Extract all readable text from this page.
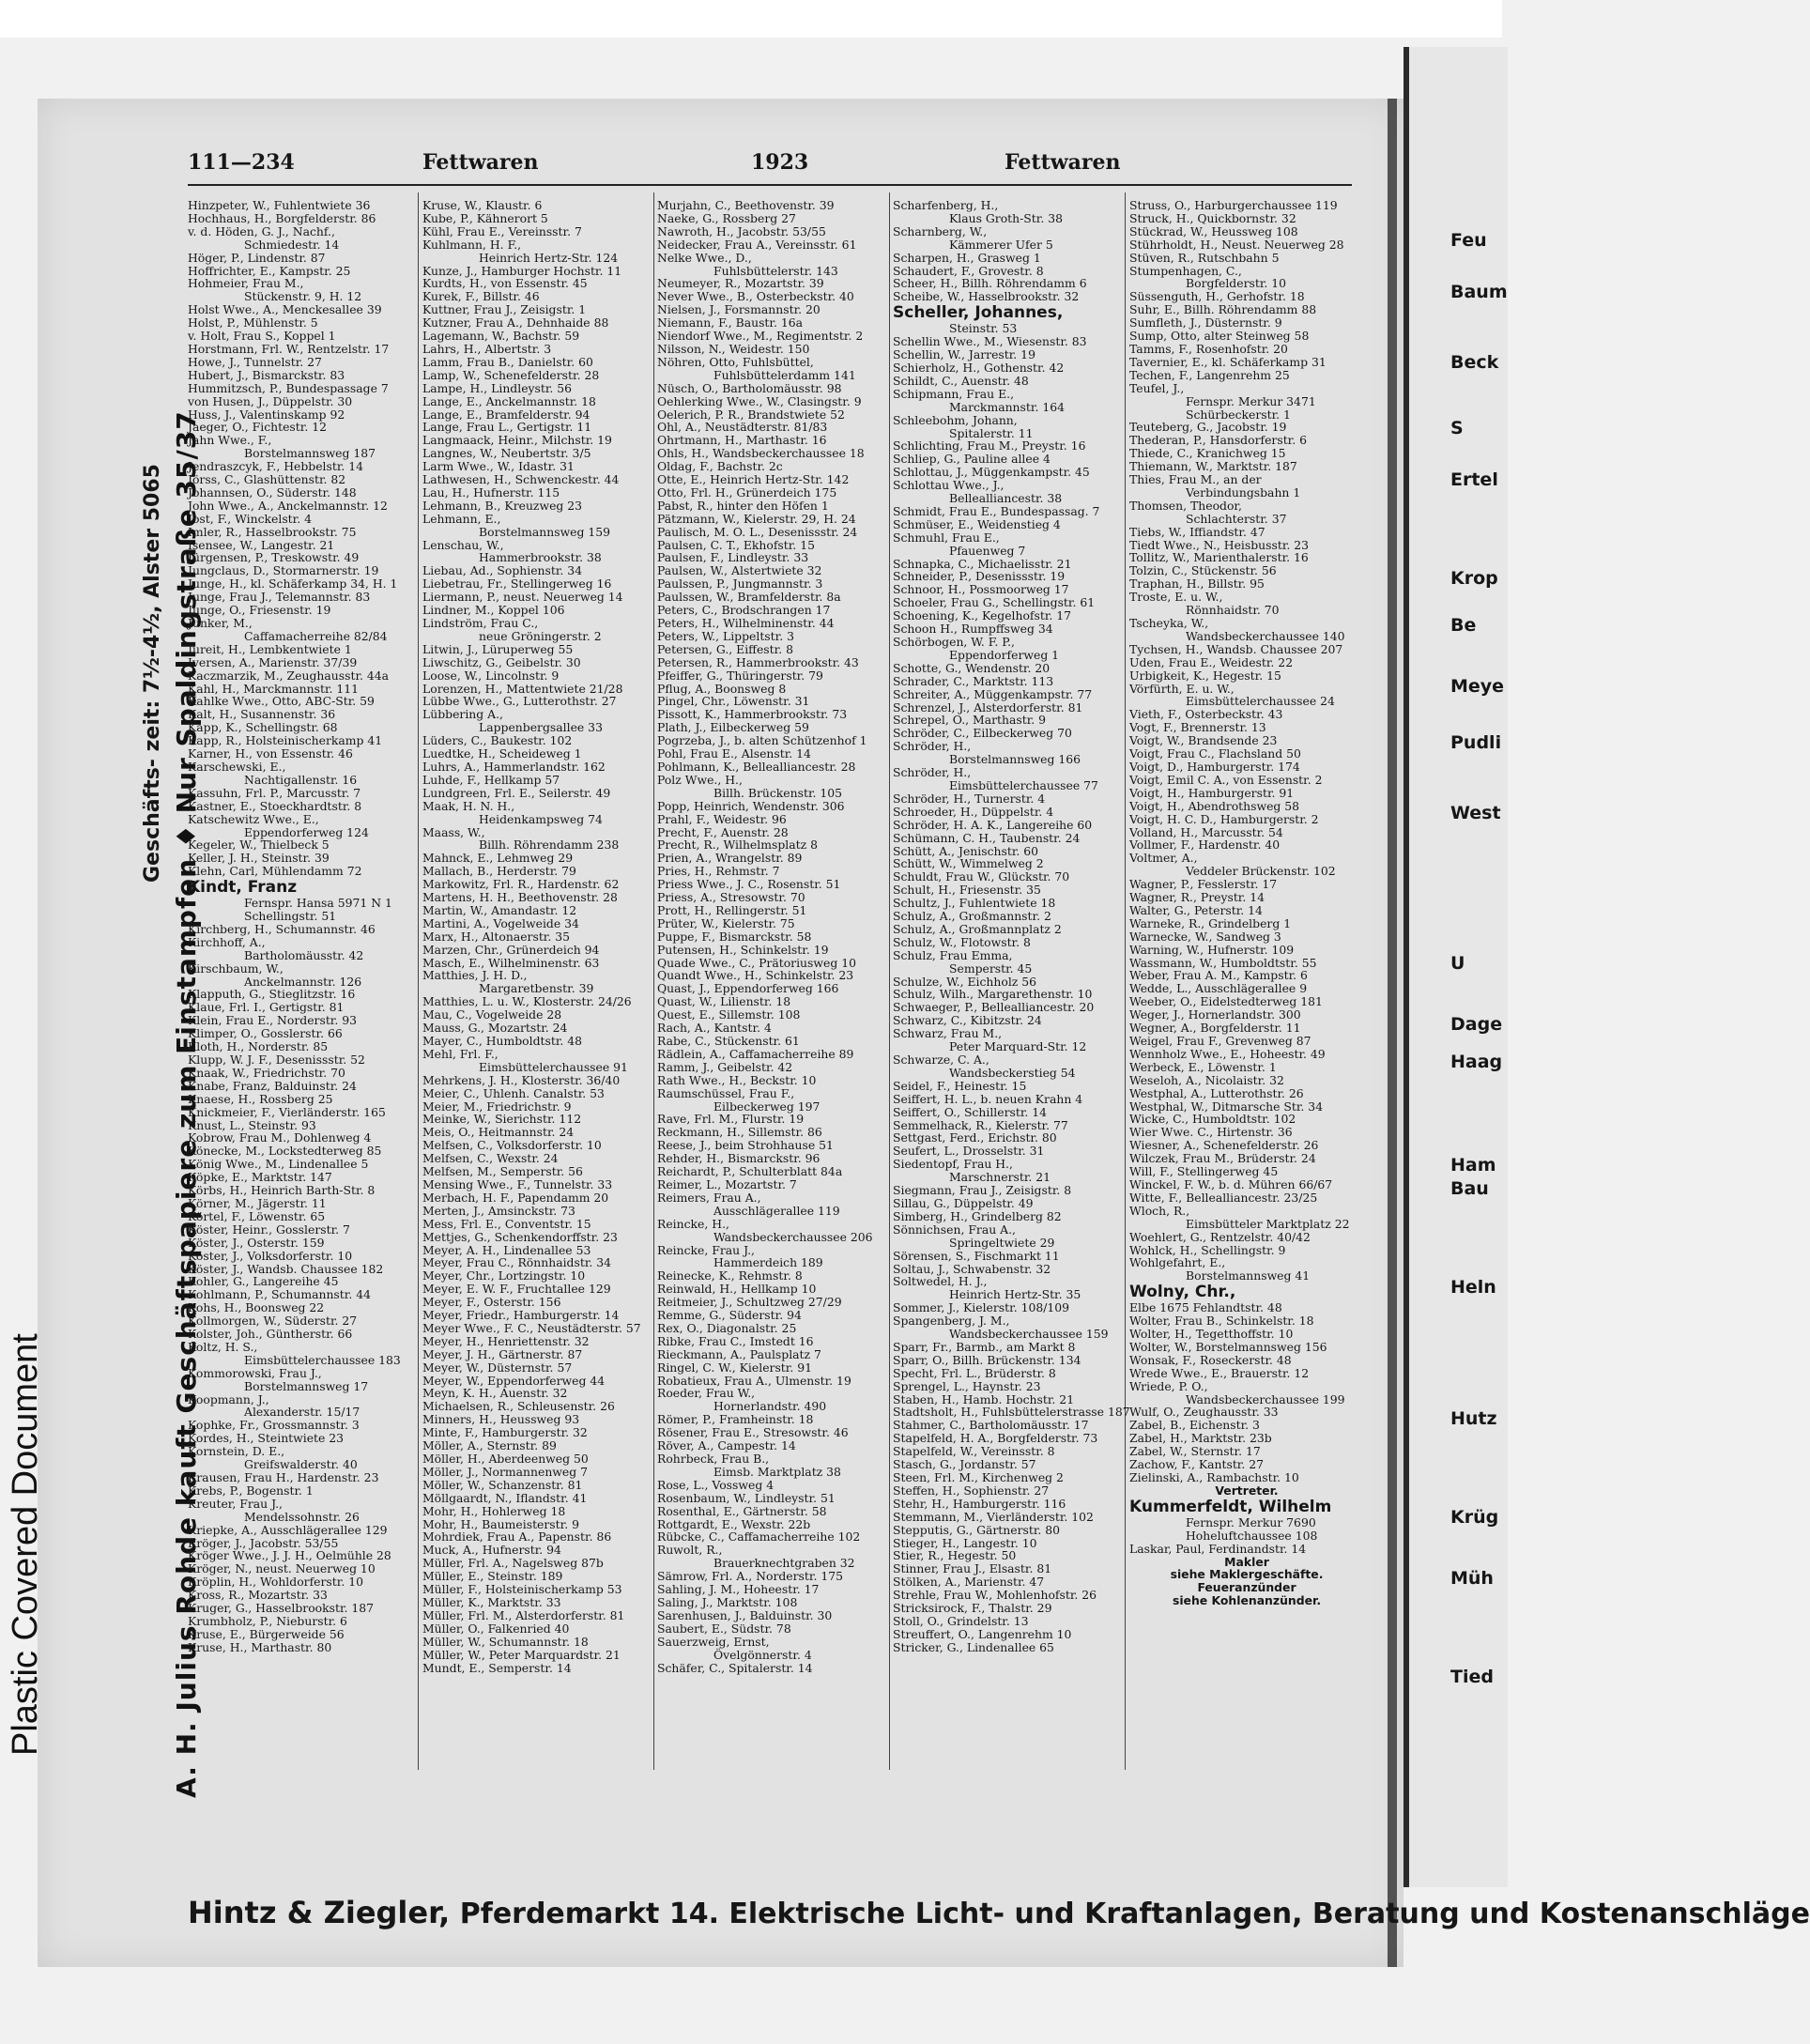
Plastic Covered Document
111—234	Fettwaren	1923	Fettwaren
A. H. Julius Rohde kauft Geschäftspapiere zum Einstampfen ♦ Nur Spaldingstraße 35/37
Geschäfts- zeit: 7½-4½, Alster 5065
Hinzpeter, W., Fuhlentwiete 36
Hochhaus, H., Borgfelderstr. 86
v. d. Höden, G. J., Nachf.,
Schmiedestr. 14
Höger, P., Lindenstr. 87
Hoffrichter, E., Kampstr. 25
Hohmeier, Frau M.,
Stückenstr. 9, H. 12
Holst Wwe., A., Menckesallee 39
Holst, P., Mühlenstr. 5
v. Holt, Frau S., Koppel 1
Horstmann, Frl. W., Rentzelstr. 17
Howe, J., Tunnelstr. 27
Hubert, J., Bismarckstr. 83
Hummitzsch, P., Bundespassage 7
von Husen, J., Düppelstr. 30
Huss, J., Valentinskamp 92
Jaeger, O., Fichtestr. 12
Jahn Wwe., F.,
Borstelmannsweg 187
Jendraszcyk, F., Hebbelstr. 14
Jörss, C., Glashüttenstr. 82
Johannsen, O., Süderstr. 148
John Wwe., A., Anckelmannstr. 12
Jost, F., Winckelstr. 4
Imler, R., Hasselbrookstr. 75
Isensee, W., Langestr. 21
Jürgensen, P., Treskowstr. 49
Jungclaus, D., Stormarnerstr. 19
Junge, H., kl. Schäferkamp 34, H. 1
Junge, Frau J., Telemannstr. 83
Junge, O., Friesenstr. 19
Junker, M.,
Caffamacherreihe 82/84
Jureit, H., Lembkentwiete 1
Iversen, A., Marienstr. 37/39
Kaczmarzik, M., Zeughausstr. 44a
Kahl, H., Marckmannstr. 111
Kahlke Wwe., Otto, ABC-Str. 59
Kalt, H., Susannenstr. 36
Kapp, K., Schellingstr. 68
Kapp, R., Holsteinischerkamp 41
Karner, H., von Essenstr. 46
Karschewski, E.,
Nachtigallenstr. 16
Kassuhn, Frl. P., Marcusstr. 7
Kastner, E., Stoeckhardtstr. 8
Katschewitz Wwe., E.,
Eppendorferweg 124
Kegeler, W., Thielbeck 5
Keller, J. H., Steinstr. 39
Klehn, Carl, Mühlendamm 72
Kindt, Franz
Fernspr. Hansa 5971 N 1
Schellingstr. 51
Kirchberg, H., Schumannstr. 46
Kirchhoff, A.,
Bartholomäusstr. 42
Kirschbaum, W.,
Anckelmannstr. 126
Klapputh, G., Stieglitzstr. 16
Klaue, Frl. I., Gertigstr. 81
Klein, Frau E., Norderstr. 93
Klimper, O., Gosslerstr. 66
Kloth, H., Norderstr. 85
Klupp, W. J. F., Desenissstr. 52
Knaak, W., Friedrichstr. 70
Knabe, Franz, Balduinstr. 24
Knaese, H., Rossberg 25
Knickmeier, F., Vierländerstr. 165
Knust, L., Steinstr. 93
Kobrow, Frau M., Dohlenweg 4
Könecke, M., Lockstedterweg 85
König Wwe., M., Lindenallee 5
Köpke, E., Marktstr. 147
Körbs, H., Heinrich Barth-Str. 8
Körner, M., Jägerstr. 11
Körtel, F., Löwenstr. 65
Köster, Heinr., Gosslerstr. 7
Köster, J., Osterstr. 159
Köster, J., Volksdorferstr. 10
Köster, J., Wandsb. Chaussee 182
Kohler, G., Langereihe 45
Kohlmann, P., Schumannstr. 44
Kohs, H., Boonsweg 22
Kollmorgen, W., Süderstr. 27
Kolster, Joh., Güntherstr. 66
Koltz, H. S.,
Eimsbüttelerchaussee 183
Kommorowski, Frau J.,
Borstelmannsweg 17
Koopmann, J.,
Alexanderstr. 15/17
Kophke, Fr., Grossmannstr. 3
Kordes, H., Steintwiete 23
Kornstein, D. E.,
Greifswalderstr. 40
Krausen, Frau H., Hardenstr. 23
Krebs, P., Bogenstr. 1
Kreuter, Frau J.,
Mendelssohnstr. 26
Kriepke, A., Ausschlägerallee 129
Kröger, J., Jacobstr. 53/55
Kröger Wwe., J. J. H., Oelmühle 28
Kröger, N., neust. Neuerweg 10
Kröplin, H., Wohldorferstr. 10
Kross, R., Mozartstr. 33
Kruger, G., Hasselbrookstr. 187
Krumbholz, P., Nieburstr. 6
Kruse, E., Bürgerweide 56
Kruse, H., Marthastr. 80
Kruse, W., Klaustr. 6
Kube, P., Kähnerort 5
Kühl, Frau E., Vereinsstr. 7
Kuhlmann, H. F.,
Heinrich Hertz-Str. 124
Kunze, J., Hamburger Hochstr. 11
Kurdts, H., von Essenstr. 45
Kurek, F., Billstr. 46
Kuttner, Frau J., Zeisigstr. 1
Kutzner, Frau A., Dehnhaide 88
Lagemann, W., Bachstr. 59
Lahrs, H., Albertstr. 3
Lamm, Frau B., Danielstr. 60
Lamp, W., Schenefelderstr. 28
Lampe, H., Lindleystr. 56
Lange, E., Anckelmannstr. 18
Lange, E., Bramfelderstr. 94
Lange, Frau L., Gertigstr. 11
Langmaack, Heinr., Milchstr. 19
Langnes, W., Neubertstr. 3/5
Larm Wwe., W., Idastr. 31
Lathwesen, H., Schwenckestr. 44
Lau, H., Hufnerstr. 115
Lehmann, B., Kreuzweg 23
Lehmann, E.,
Borstelmannsweg 159
Lenschau, W.,
Hammerbrookstr. 38
Liebau, Ad., Sophienstr. 34
Liebetrau, Fr., Stellingerweg 16
Liermann, P., neust. Neuerweg 14
Lindner, M., Koppel 106
Lindström, Frau C.,
neue Gröningerstr. 2
Litwin, J., Lüruperweg 55
Liwschitz, G., Geibelstr. 30
Loose, W., Lincolnstr. 9
Lorenzen, H., Mattentwiete 21/28
Lübbe Wwe., G., Lutterothstr. 27
Lübbering A.,
Lappenbergsallee 33
Lüders, C., Baukestr. 102
Luedtke, H., Scheideweg 1
Luhrs, A., Hammerlandstr. 162
Luhde, F., Hellkamp 57
Lundgreen, Frl. E., Seilerstr. 49
Maak, H. N. H.,
Heidenkampsweg 74
Maass, W.,
Billh. Röhrendamm 238
Mahnck, E., Lehmweg 29
Mallach, B., Herderstr. 79
Markowitz, Frl. R., Hardenstr. 62
Martens, H. H., Beethovenstr. 28
Martin, W., Amandastr. 12
Martini, A., Vogelweide 34
Marx, H., Altonaerstr. 35
Marzen, Chr., Grünerdeich 94
Masch, E., Wilhelminenstr. 63
Matthies, J. H. D.,
Margaretbenstr. 39
Matthies, L. u. W., Klosterstr. 24/26
Mau, C., Vogelweide 28
Mauss, G., Mozartstr. 24
Mayer, C., Humboldtstr. 48
Mehl, Frl. F.,
Eimsbüttelerchaussee 91
Mehrkens, J. H., Klosterstr. 36/40
Meier, C., Uhlenh. Canalstr. 53
Meier, M., Friedrichstr. 9
Meinke, W., Sierichstr. 112
Meis, O., Heitmannstr. 24
Melfsen, C., Volksdorferstr. 10
Melfsen, C., Wexstr. 24
Melfsen, M., Semperstr. 56
Mensing Wwe., F., Tunnelstr. 33
Merbach, H. F., Papendamm 20
Merten, J., Amsinckstr. 73
Mess, Frl. E., Conventstr. 15
Mettjes, G., Schenkendorffstr. 23
Meyer, A. H., Lindenallee 53
Meyer, Frau C., Rönnhaidstr. 34
Meyer, Chr., Lortzingstr. 10
Meyer, E. W. F., Fruchtallee 129
Meyer, F., Osterstr. 156
Meyer, Friedr., Hamburgerstr. 14
Meyer Wwe., F. C., Neustädterstr. 57
Meyer, H., Henriettenstr. 32
Meyer, J. H., Gärtnerstr. 87
Meyer, W., Düsternstr. 57
Meyer, W., Eppendorferweg 44
Meyn, K. H., Auenstr. 32
Michaelsen, R., Schleusenstr. 26
Minners, H., Heussweg 93
Minte, F., Hamburgerstr. 32
Möller, A., Sternstr. 89
Möller, H., Aberdeenweg 50
Möller, J., Normannenweg 7
Möller, W., Schanzenstr. 81
Möllgaardt, N., Iflandstr. 41
Mohr, H., Hohlerweg 18
Mohr, H., Baumeisterstr. 9
Mohrdiek, Frau A., Papenstr. 86
Muck, A., Hufnerstr. 94
Müller, Frl. A., Nagelsweg 87b
Müller, E., Steinstr. 189
Müller, F., Holsteinischerkamp 53
Müller, K., Marktstr. 33
Müller, Frl. M., Alsterdorferstr. 81
Müller, O., Falkenried 40
Müller, W., Schumannstr. 18
Müller, W., Peter Marquardstr. 21
Mundt, E., Semperstr. 14
Murjahn, C., Beethovenstr. 39
Naeke, G., Rossberg 27
Nawroth, H., Jacobstr. 53/55
Neidecker, Frau A., Vereinsstr. 61
Nelke Wwe., D.,
Fuhlsbüttelerstr. 143
Neumeyer, R., Mozartstr. 39
Never Wwe., B., Osterbeckstr. 40
Nielsen, J., Forsmannstr. 20
Niemann, F., Baustr. 16a
Niendorf Wwe., M., Regimentstr. 2
Nilsson, N., Weidestr. 150
Nöhren, Otto, Fuhlsbüttel,
Fuhlsbüttelerdamm 141
Nüsch, O., Bartholomäusstr. 98
Oehlerking Wwe., W., Clasingstr. 9
Oelerich, P. R., Brandstwiete 52
Ohl, A., Neustädterstr. 81/83
Ohrtmann, H., Marthastr. 16
Ohls, H., Wandsbeckerchaussee 18
Oldag, F., Bachstr. 2c
Otte, E., Heinrich Hertz-Str. 142
Otto, Frl. H., Grünerdeich 175
Pabst, R., hinter den Höfen 1
Pätzmann, W., Kielerstr. 29, H. 24
Paulisch, M. O. L., Desenissstr. 24
Paulsen, C. T., Ekhofstr. 15
Paulsen, F., Lindleystr. 33
Paulsen, W., Alstertwiete 32
Paulssen, P., Jungmannstr. 3
Paulssen, W., Bramfelderstr. 8a
Peters, C., Brodschrangen 17
Peters, H., Wilhelminenstr. 44
Peters, W., Lippeltstr. 3
Petersen, G., Eiffestr. 8
Petersen, R., Hammerbrookstr. 43
Pfeiffer, G., Thüringerstr. 79
Pflug, A., Boonsweg 8
Pingel, Chr., Löwenstr. 31
Pissott, K., Hammerbrookstr. 73
Plath, J., Eilbeckerweg 59
Pogrzeba, J., b. alten Schützenhof 1
Pohl, Frau E., Alsenstr. 14
Pohlmann, K., Bellealliancestr. 28
Polz Wwe., H.,
Billh. Brückenstr. 105
Popp, Heinrich, Wendenstr. 306
Prahl, F., Weidestr. 96
Precht, F., Auenstr. 28
Precht, R., Wilhelmsplatz 8
Prien, A., Wrangelstr. 89
Pries, H., Rehmstr. 7
Priess Wwe., J. C., Rosenstr. 51
Priess, A., Stresowstr. 70
Prott, H., Rellingerstr. 51
Prüter, W., Kielerstr. 75
Puppe, F., Bismarckstr. 58
Putensen, H., Schinkelstr. 19
Quade Wwe., C., Prätoriusweg 10
Quandt Wwe., H., Schinkelstr. 23
Quast, J., Eppendorferweg 166
Quast, W., Lilienstr. 18
Quest, E., Sillemstr. 108
Rach, A., Kantstr. 4
Rabe, C., Stückenstr. 61
Rädlein, A., Caffamacherreihe 89
Ramm, J., Geibelstr. 42
Rath Wwe., H., Beckstr. 10
Raumschüssel, Frau F.,
Eilbeckerweg 197
Rave, Frl. M., Flurstr. 19
Reckmann, H., Sillemstr. 86
Reese, J., beim Strohhause 51
Rehder, H., Bismarckstr. 96
Reichardt, P., Schulterblatt 84a
Reimer, L., Mozartstr. 7
Reimers, Frau A.,
Ausschlägerallee 119
Reincke, H.,
Wandsbeckerchaussee 206
Reincke, Frau J.,
Hammerdeich 189
Reinecke, K., Rehmstr. 8
Reinwald, H., Hellkamp 10
Reitmeier, J., Schultzweg 27/29
Remme, G., Süderstr. 94
Rex, O., Diagonalstr. 25
Ribke, Frau C., Imstedt 16
Rieckmann, A., Paulsplatz 7
Ringel, C. W., Kielerstr. 91
Robatieux, Frau A., Ulmenstr. 19
Roeder, Frau W.,
Hornerlandstr. 490
Römer, P., Framheinstr. 18
Rösener, Frau E., Stresowstr. 46
Röver, A., Campestr. 14
Rohrbeck, Frau B.,
Eimsb. Marktplatz 38
Rose, L., Vossweg 4
Rosenbaum, W., Lindleystr. 51
Rosenthal, E., Gärtnerstr. 58
Rottgardt, E., Wexstr. 22b
Rübcke, C., Caffamacherreihe 102
Ruwolt, R.,
Brauerknechtgraben 32
Sämrow, Frl. A., Norderstr. 175
Sahling, J. M., Hoheestr. 17
Saling, J., Marktstr. 108
Sarenhusen, J., Balduinstr. 30
Saubert, E., Südstr. 78
Sauerzweig, Ernst,
Övelgönnerstr. 4
Schäfer, C., Spitalerstr. 14
Scharfenberg, H.,
Klaus Groth-Str. 38
Scharnberg, W.,
Kämmerer Ufer 5
Scharpen, H., Grasweg 1
Schaudert, F., Grovestr. 8
Scheer, H., Billh. Röhrendamm 6
Scheibe, W., Hasselbrookstr. 32
Scheller, Johannes,
Steinstr. 53
Schellin Wwe., M., Wiesenstr. 83
Schellin, W., Jarrestr. 19
Schierholz, H., Gothenstr. 42
Schildt, C., Auenstr. 48
Schipmann, Frau E.,
Marckmannstr. 164
Schleebohm, Johann,
Spitalerstr. 11
Schlichting, Frau M., Preystr. 16
Schliep, G., Pauline allee 4
Schlottau, J., Müggenkampstr. 45
Schlottau Wwe., J.,
Bellealliancestr. 38
Schmidt, Frau E., Bundespassag. 7
Schmüser, E., Weidenstieg 4
Schmuhl, Frau E.,
Pfauenweg 7
Schnapka, C., Michaelisstr. 21
Schneider, P., Desenissstr. 19
Schnoor, H., Possmoorweg 17
Schoeler, Frau G., Schellingstr. 61
Schoening, K., Kegelhofstr. 17
Schoon H., Rumpffsweg 34
Schörbogen, W. F. P.,
Eppendorferweg 1
Schotte, G., Wendenstr. 20
Schrader, C., Marktstr. 113
Schreiter, A., Müggenkampstr. 77
Schrenzel, J., Alsterdorferstr. 81
Schrepel, O., Marthastr. 9
Schröder, C., Eilbeckerweg 70
Schröder, H.,
Borstelmannsweg 166
Schröder, H.,
Eimsbüttelerchaussee 77
Schröder, H., Turnerstr. 4
Schroeder, H., Düppelstr. 4
Schröder, H. A. K., Langereihe 60
Schümann, C. H., Taubenstr. 24
Schütt, A., Jenischstr. 60
Schütt, W., Wimmelweg 2
Schuldt, Frau W., Glückstr. 70
Schult, H., Friesenstr. 35
Schultz, J., Fuhlentwiete 18
Schulz, A., Großmannstr. 2
Schulz, A., Großmannplatz 2
Schulz, W., Flotowstr. 8
Schulz, Frau Emma,
Semperstr. 45
Schulze, W., Eichholz 56
Schulz, Wilh., Margarethenstr. 10
Schwaeger, P., Bellealliancestr. 20
Schwarz, C., Kibitzstr. 24
Schwarz, Frau M.,
Peter Marquard-Str. 12
Schwarze, C. A.,
Wandsbeckerstieg 54
Seidel, F., Heinestr. 15
Seiffert, H. L., b. neuen Krahn 4
Seiffert, O., Schillerstr. 14
Semmelhack, R., Kielerstr. 77
Settgast, Ferd., Erichstr. 80
Seufert, L., Drosselstr. 31
Siedentopf, Frau H.,
Marschnerstr. 21
Siegmann, Frau J., Zeisigstr. 8
Sillau, G., Düppelstr. 49
Simberg, H., Grindelberg 82
Sönnichsen, Frau A.,
Springeltwiete 29
Sörensen, S., Fischmarkt 11
Soltau, J., Schwabenstr. 32
Soltwedel, H. J.,
Heinrich Hertz-Str. 35
Sommer, J., Kielerstr. 108/109
Spangenberg, J. M.,
Wandsbeckerchaussee 159
Sparr, Fr., Barmb., am Markt 8
Sparr, O., Billh. Brückenstr. 134
Specht, Frl. L., Brüderstr. 8
Sprengel, L., Haynstr. 23
Staben, H., Hamb. Hochstr. 21
Stadtsholt, H., Fuhlsbüttelerstrasse 187
Stahmer, C., Bartholomäusstr. 17
Stapelfeld, H. A., Borgfelderstr. 73
Stapelfeld, W., Vereinsstr. 8
Stasch, G., Jordanstr. 57
Steen, Frl. M., Kirchenweg 2
Steffen, H., Sophienstr. 27
Stehr, H., Hamburgerstr. 116
Stemmann, M., Vierländerstr. 102
Stepputis, G., Gärtnerstr. 80
Stieger, H., Langestr. 10
Stier, R., Hegestr. 50
Stinner, Frau J., Elsastr. 81
Stölken, A., Marienstr. 47
Strehle, Frau W., Mohlenhofstr. 26
Stricksirock, F., Thalstr. 29
Stoll, O., Grindelstr. 13
Streuffert, O., Langenrehm 10
Stricker, G., Lindenallee 65
Struss, O., Harburgerchaussee 119
Struck, H., Quickbornstr. 32
Stückrad, W., Heussweg 108
Stührholdt, H., Neust. Neuerweg 28
Stüven, R., Rutschbahn 5
Stumpenhagen, C.,
Borgfelderstr. 10
Süssenguth, H., Gerhofstr. 18
Suhr, E., Billh. Röhrendamm 88
Sumfleth, J., Düsternstr. 9
Sump, Otto, alter Steinweg 58
Tamms, F., Rosenhofstr. 20
Tavernier, E., kl. Schäferkamp 31
Techen, F., Langenrehm 25
Teufel, J.,
Fernspr. Merkur 3471
Schürbeckerstr. 1
Teuteberg, G., Jacobstr. 19
Thederan, P., Hansdorferstr. 6
Thiede, C., Kranichweg 15
Thiemann, W., Marktstr. 187
Thies, Frau M., an der
Verbindungsbahn 1
Thomsen, Theodor,
Schlachterstr. 37
Tiebs, W., Iffiandstr. 47
Tiedt Wwe., N., Heisbusstr. 23
Tollitz, W., Marienthalerstr. 16
Tolzin, C., Stückenstr. 56
Traphan, H., Billstr. 95
Troste, E. u. W.,
Rönnhaidstr. 70
Tscheyka, W.,
Wandsbeckerchaussee 140
Tychsen, H., Wandsb. Chaussee 207
Uden, Frau E., Weidestr. 22
Urbigkeit, K., Hegestr. 15
Vörfürth, E. u. W.,
Eimsbüttelerchaussee 24
Vieth, F., Osterbeckstr. 43
Vogt, F., Brennerstr. 13
Voigt, W., Brandsende 23
Voigt, Frau C., Flachsland 50
Voigt, D., Hamburgerstr. 174
Voigt, Emil C. A., von Essenstr. 2
Voigt, H., Hamburgerstr. 91
Voigt, H., Abendrothsweg 58
Voigt, H. C. D., Hamburgerstr. 2
Volland, H., Marcusstr. 54
Vollmer, F., Hardenstr. 40
Voltmer, A.,
Veddeler Brückenstr. 102
Wagner, P., Fesslerstr. 17
Wagner, R., Preystr. 14
Walter, G., Peterstr. 14
Warneke, R., Grindelberg 1
Warnecke, W., Sandweg 3
Warning, W., Hufnerstr. 109
Wassmann, W., Humboldtstr. 55
Weber, Frau A. M., Kampstr. 6
Wedde, L., Ausschlägerallee 9
Weeber, O., Eidelstedterweg 181
Weger, J., Hornerlandstr. 300
Wegner, A., Borgfelderstr. 11
Weigel, Frau F., Grevenweg 87
Wennholz Wwe., E., Hoheestr. 49
Werbeck, E., Löwenstr. 1
Weseloh, A., Nicolaistr. 32
Westphal, A., Lutterothstr. 26
Westphal, W., Ditmarsche Str. 34
Wicke, C., Humboldtstr. 102
Wier Wwe. C., Hirtenstr. 36
Wiesner, A., Schenefelderstr. 26
Wilczek, Frau M., Brüderstr. 24
Will, F., Stellingerweg 45
Winckel, F. W., b. d. Mühren 66/67
Witte, F., Bellealliancestr. 23/25
Wloch, R.,
Eimsbütteler Marktplatz 22
Woehlert, G., Rentzelstr. 40/42
Wohlck, H., Schellingstr. 9
Wohlgefahrt, E.,
Borstelmannsweg 41
Wolny, Chr.,
Elbe 1675 Fehlandtstr. 48
Wolter, Frau B., Schinkelstr. 18
Wolter, H., Tegetthoffstr. 10
Wolter, W., Borstelmannsweg 156
Wonsak, F., Roseckerstr. 48
Wrede Wwe., E., Brauerstr. 12
Wriede, P. O.,
Wandsbeckerchaussee 199
Wulf, O., Zeughausstr. 33
Zabel, B., Eichenstr. 3
Zabel, H., Marktstr. 23b
Zabel, W., Sternstr. 17
Zachow, F., Kantstr. 27
Zielinski, A., Rambachstr. 10
Vertreter.
Kummerfeldt, Wilhelm
Fernspr. Merkur 7690
Hoheluftchaussee 108
Laskar, Paul, Ferdinandstr. 14
Makler
siehe Maklergeschäfte.
Feueranzünder
siehe Kohlenanzünder.
Hintz & Ziegler, Pferdemarkt 14. Elektrische Licht- und Kraftanlagen, Beratung und Kostenanschläge
Feu
Baum
Beck
S
Ertel
Krop
Be
Meye
Pudli
West
U
Dage
Haag
Ham
Bau
Heln
Hutz
Krüg
Müh
Tied
